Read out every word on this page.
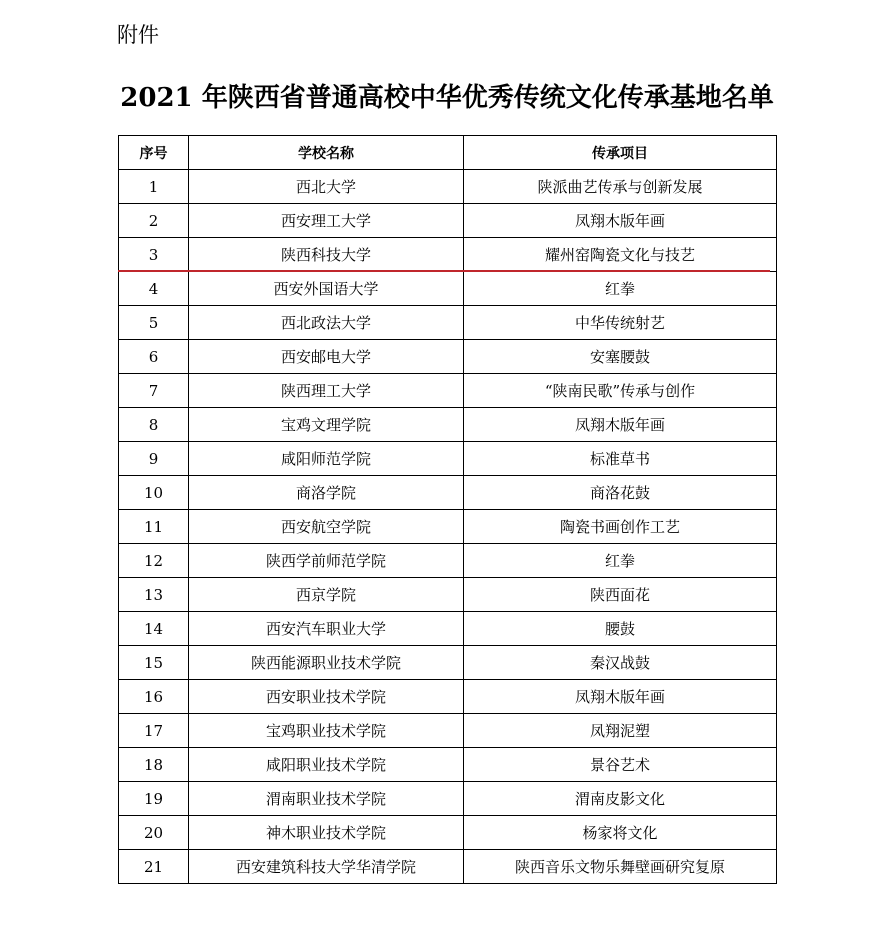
附件
2021 年陕西省普通高校中华优秀传统文化传承基地名单
序号	学校名称	传承项目
1	西北大学	陕派曲艺传承与创新发展
2	西安理工大学	凤翔木版年画
3	陕西科技大学	耀州窑陶瓷文化与技艺
4	西安外国语大学	红拳
5	西北政法大学	中华传统射艺
6	西安邮电大学	安塞腰鼓
7	陕西理工大学	“陕南民歌”传承与创作
8	宝鸡文理学院	凤翔木版年画
9	咸阳师范学院	标准草书
10	商洛学院	商洛花鼓
11	西安航空学院	陶瓷书画创作工艺
12	陕西学前师范学院	红拳
13	西京学院	陕西面花
14	西安汽车职业大学	腰鼓
15	陕西能源职业技术学院	秦汉战鼓
16	西安职业技术学院	凤翔木版年画
17	宝鸡职业技术学院	凤翔泥塑
18	咸阳职业技术学院	景谷艺术
19	渭南职业技术学院	渭南皮影文化
20	神木职业技术学院	杨家将文化
21	西安建筑科技大学华清学院	陕西音乐文物乐舞壁画研究复原
